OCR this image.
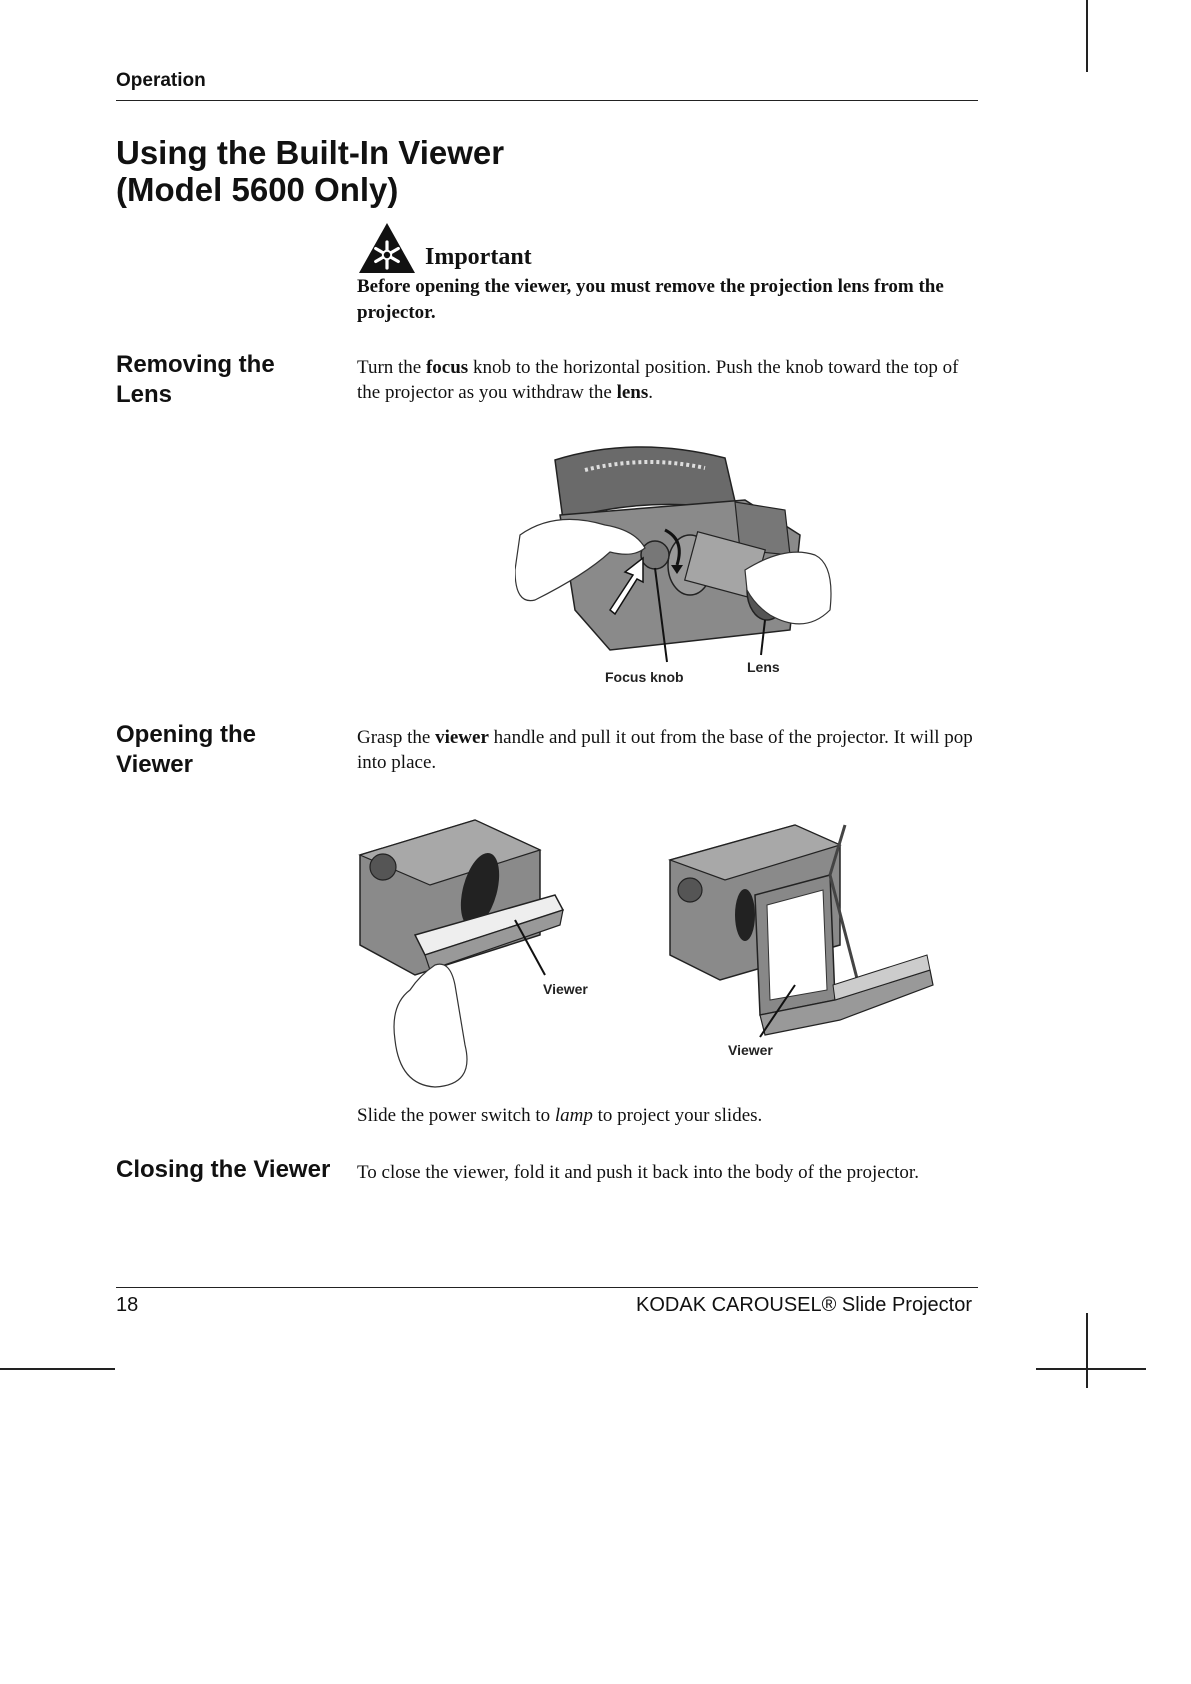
Operation
Using the Built-In Viewer
(Model 5600 Only)
Important
Before opening the viewer, you must remove the projection lens from the projector.
Removing the
Lens
Turn the focus knob to the horizontal position. Push the knob toward the top of the projector as you withdraw the lens.
Focus knob
Lens
Opening the
Viewer
Grasp the viewer handle and pull it out from the base of the projector. It will pop into place.
Viewer
Viewer
Slide the power switch to lamp to project your slides.
Closing the Viewer	To close the viewer, fold it and push it back into the body of the projector.
18	KODAK CAROUSEL® Slide Projector
